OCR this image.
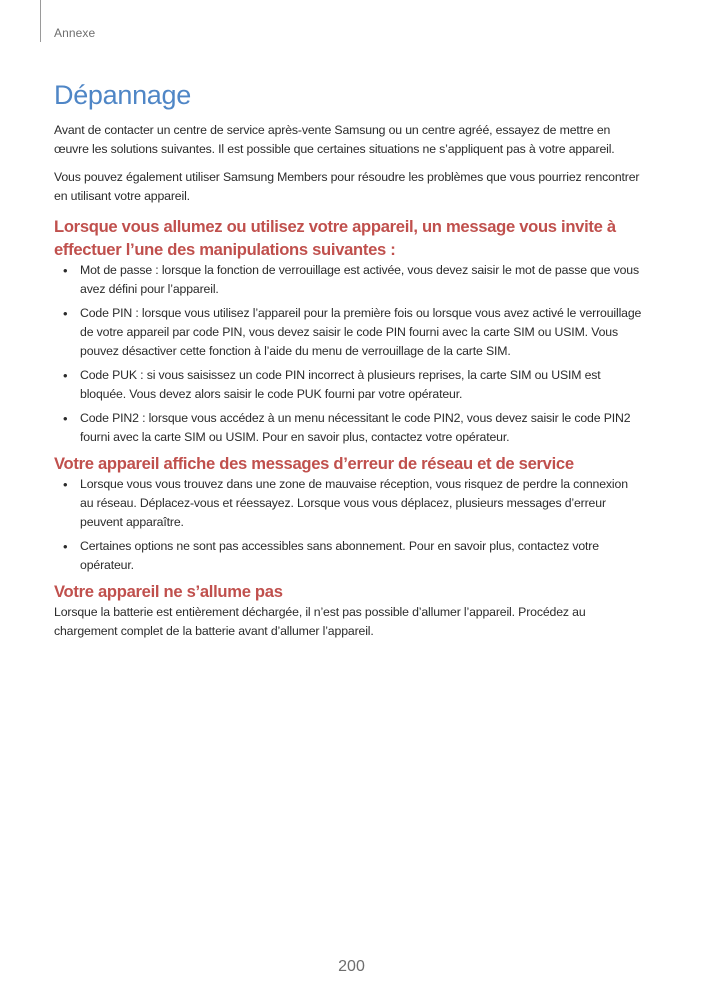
Annexe
Dépannage

Avant de contacter un centre de service après-vente Samsung ou un centre agréé, essayez de mettre en œuvre les solutions suivantes. Il est possible que certaines situations ne s’appliquent pas à votre appareil.

Vous pouvez également utiliser Samsung Members pour résoudre les problèmes que vous pourriez rencontrer en utilisant votre appareil.

Lorsque vous allumez ou utilisez votre appareil, un message vous invite à effectuer l’une des manipulations suivantes :
• Mot de passe : lorsque la fonction de verrouillage est activée, vous devez saisir le mot de passe que vous avez défini pour l’appareil.
• Code PIN : lorsque vous utilisez l’appareil pour la première fois ou lorsque vous avez activé le verrouillage de votre appareil par code PIN, vous devez saisir le code PIN fourni avec la carte SIM ou USIM. Vous pouvez désactiver cette fonction à l’aide du menu de verrouillage de la carte SIM.
• Code PUK : si vous saisissez un code PIN incorrect à plusieurs reprises, la carte SIM ou USIM est bloquée. Vous devez alors saisir le code PUK fourni par votre opérateur.
• Code PIN2 : lorsque vous accédez à un menu nécessitant le code PIN2, vous devez saisir le code PIN2 fourni avec la carte SIM ou USIM. Pour en savoir plus, contactez votre opérateur.
Votre appareil affiche des messages d’erreur de réseau et de service
• Lorsque vous vous trouvez dans une zone de mauvaise réception, vous risquez de perdre la connexion au réseau. Déplacez-vous et réessayez. Lorsque vous vous déplacez, plusieurs messages d’erreur peuvent apparaître.
• Certaines options ne sont pas accessibles sans abonnement. Pour en savoir plus, contactez votre opérateur.
Votre appareil ne s’allume pas

Lorsque la batterie est entièrement déchargée, il n’est pas possible d’allumer l’appareil. Procédez au chargement complet de la batterie avant d’allumer l’appareil.

200
